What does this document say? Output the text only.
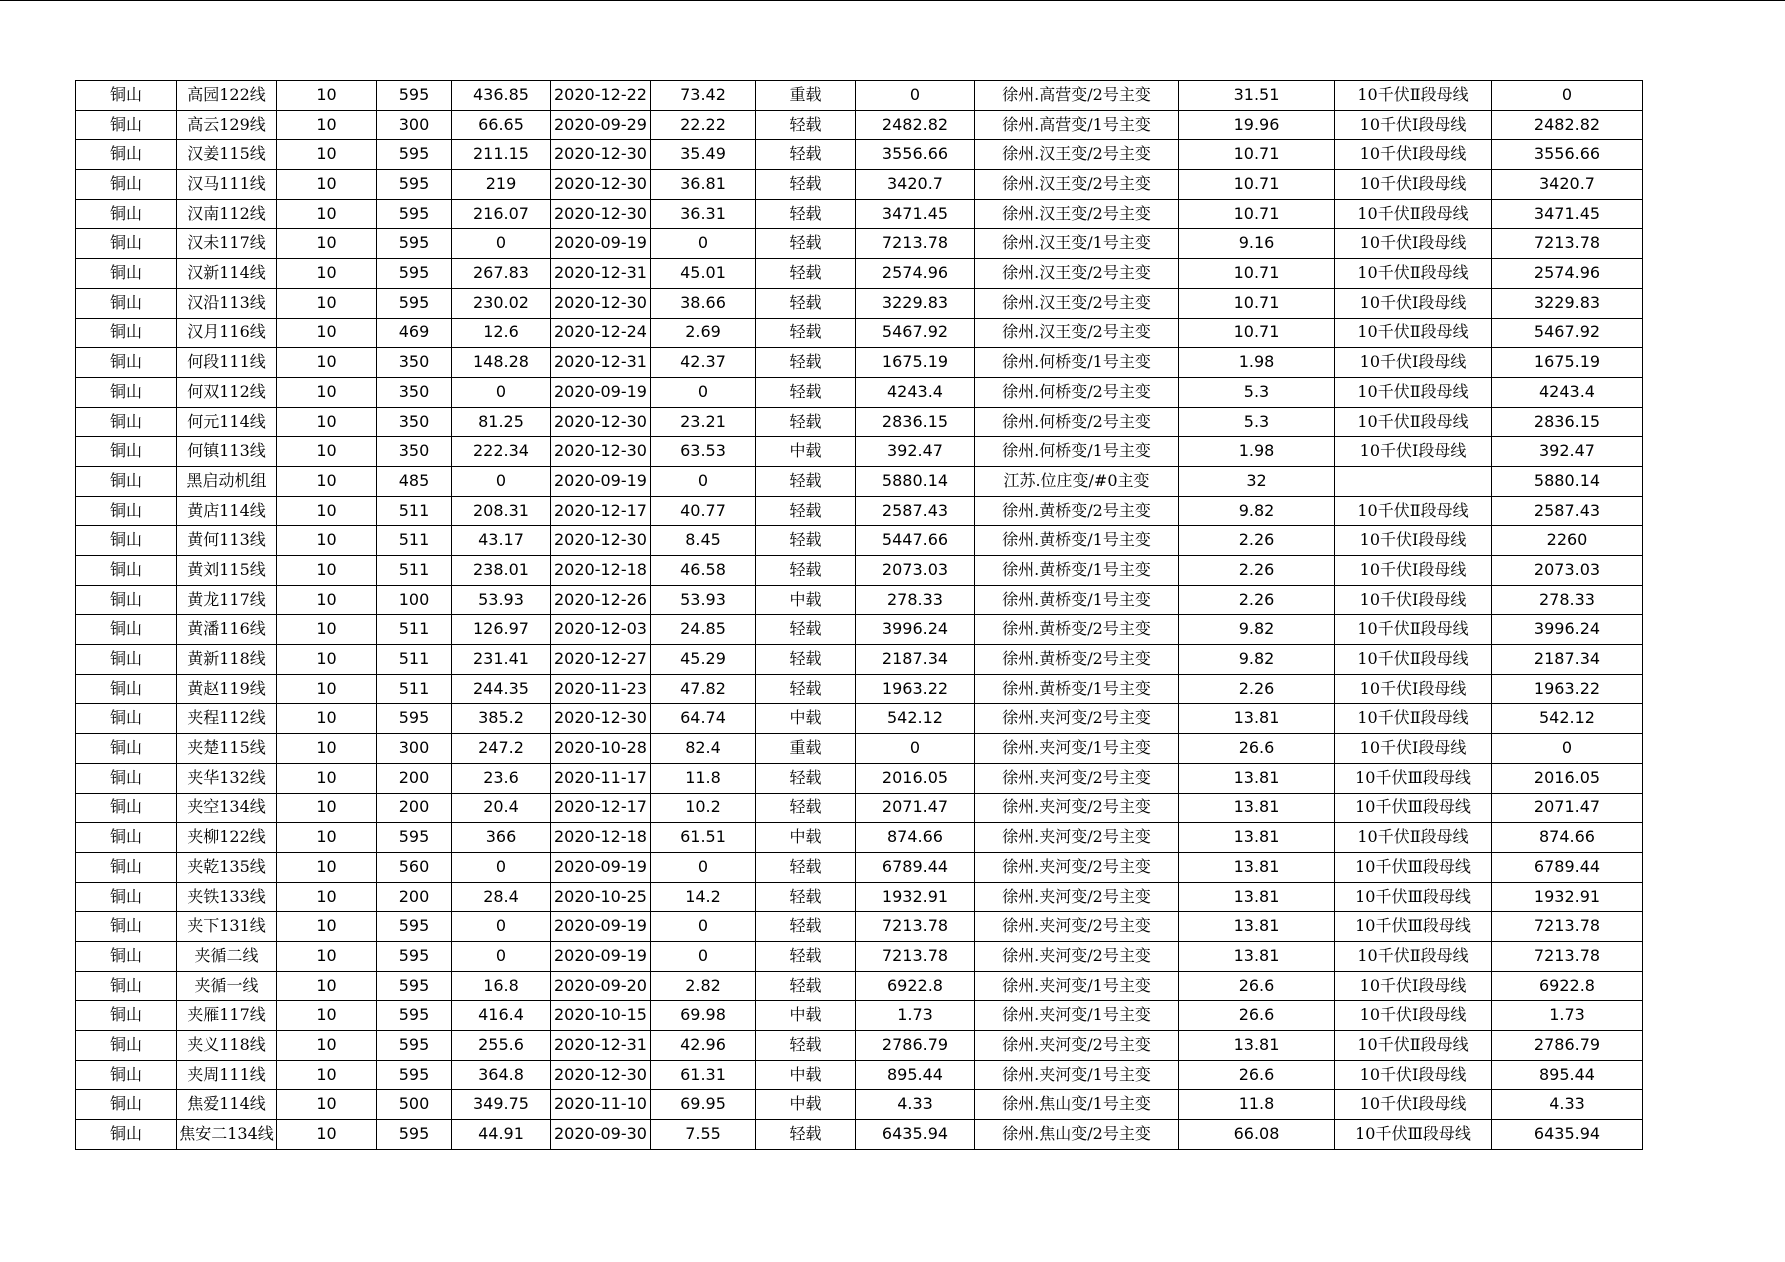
铜山	高园122线	10	595	436.85	2020-12-22	73.42	重载	0	徐州.高营变/2号主变	31.51	10千伏Ⅱ段母线	0
铜山	高云129线	10	300	66.65	2020-09-29	22.22	轻载	2482.82	徐州.高营变/1号主变	19.96	10千伏Ⅰ段母线	2482.82
铜山	汉姜115线	10	595	211.15	2020-12-30	35.49	轻载	3556.66	徐州.汉王变/2号主变	10.71	10千伏Ⅰ段母线	3556.66
铜山	汉马111线	10	595	219	2020-12-30	36.81	轻载	3420.7	徐州.汉王变/2号主变	10.71	10千伏Ⅰ段母线	3420.7
铜山	汉南112线	10	595	216.07	2020-12-30	36.31	轻载	3471.45	徐州.汉王变/2号主变	10.71	10千伏Ⅱ段母线	3471.45
铜山	汉未117线	10	595	0	2020-09-19	0	轻载	7213.78	徐州.汉王变/1号主变	9.16	10千伏Ⅰ段母线	7213.78
铜山	汉新114线	10	595	267.83	2020-12-31	45.01	轻载	2574.96	徐州.汉王变/2号主变	10.71	10千伏Ⅱ段母线	2574.96
铜山	汉沿113线	10	595	230.02	2020-12-30	38.66	轻载	3229.83	徐州.汉王变/2号主变	10.71	10千伏Ⅰ段母线	3229.83
铜山	汉月116线	10	469	12.6	2020-12-24	2.69	轻载	5467.92	徐州.汉王变/2号主变	10.71	10千伏Ⅱ段母线	5467.92
铜山	何段111线	10	350	148.28	2020-12-31	42.37	轻载	1675.19	徐州.何桥变/1号主变	1.98	10千伏Ⅰ段母线	1675.19
铜山	何双112线	10	350	0	2020-09-19	0	轻载	4243.4	徐州.何桥变/2号主变	5.3	10千伏Ⅱ段母线	4243.4
铜山	何元114线	10	350	81.25	2020-12-30	23.21	轻载	2836.15	徐州.何桥变/2号主变	5.3	10千伏Ⅱ段母线	2836.15
铜山	何镇113线	10	350	222.34	2020-12-30	63.53	中载	392.47	徐州.何桥变/1号主变	1.98	10千伏Ⅰ段母线	392.47
铜山	黑启动机组	10	485	0	2020-09-19	0	轻载	5880.14	江苏.位庄变/#0主变	32		5880.14
铜山	黄店114线	10	511	208.31	2020-12-17	40.77	轻载	2587.43	徐州.黄桥变/2号主变	9.82	10千伏Ⅱ段母线	2587.43
铜山	黄何113线	10	511	43.17	2020-12-30	8.45	轻载	5447.66	徐州.黄桥变/1号主变	2.26	10千伏Ⅰ段母线	2260
铜山	黄刘115线	10	511	238.01	2020-12-18	46.58	轻载	2073.03	徐州.黄桥变/1号主变	2.26	10千伏Ⅰ段母线	2073.03
铜山	黄龙117线	10	100	53.93	2020-12-26	53.93	中载	278.33	徐州.黄桥变/1号主变	2.26	10千伏Ⅰ段母线	278.33
铜山	黄潘116线	10	511	126.97	2020-12-03	24.85	轻载	3996.24	徐州.黄桥变/2号主变	9.82	10千伏Ⅱ段母线	3996.24
铜山	黄新118线	10	511	231.41	2020-12-27	45.29	轻载	2187.34	徐州.黄桥变/2号主变	9.82	10千伏Ⅱ段母线	2187.34
铜山	黄赵119线	10	511	244.35	2020-11-23	47.82	轻载	1963.22	徐州.黄桥变/1号主变	2.26	10千伏Ⅰ段母线	1963.22
铜山	夹程112线	10	595	385.2	2020-12-30	64.74	中载	542.12	徐州.夹河变/2号主变	13.81	10千伏Ⅱ段母线	542.12
铜山	夹楚115线	10	300	247.2	2020-10-28	82.4	重载	0	徐州.夹河变/1号主变	26.6	10千伏Ⅰ段母线	0
铜山	夹华132线	10	200	23.6	2020-11-17	11.8	轻载	2016.05	徐州.夹河变/2号主变	13.81	10千伏Ⅲ段母线	2016.05
铜山	夹空134线	10	200	20.4	2020-12-17	10.2	轻载	2071.47	徐州.夹河变/2号主变	13.81	10千伏Ⅲ段母线	2071.47
铜山	夹柳122线	10	595	366	2020-12-18	61.51	中载	874.66	徐州.夹河变/2号主变	13.81	10千伏Ⅱ段母线	874.66
铜山	夹乾135线	10	560	0	2020-09-19	0	轻载	6789.44	徐州.夹河变/2号主变	13.81	10千伏Ⅲ段母线	6789.44
铜山	夹铁133线	10	200	28.4	2020-10-25	14.2	轻载	1932.91	徐州.夹河变/2号主变	13.81	10千伏Ⅲ段母线	1932.91
铜山	夹下131线	10	595	0	2020-09-19	0	轻载	7213.78	徐州.夹河变/2号主变	13.81	10千伏Ⅲ段母线	7213.78
铜山	夹循二线	10	595	0	2020-09-19	0	轻载	7213.78	徐州.夹河变/2号主变	13.81	10千伏Ⅱ段母线	7213.78
铜山	夹循一线	10	595	16.8	2020-09-20	2.82	轻载	6922.8	徐州.夹河变/1号主变	26.6	10千伏Ⅰ段母线	6922.8
铜山	夹雁117线	10	595	416.4	2020-10-15	69.98	中载	1.73	徐州.夹河变/1号主变	26.6	10千伏Ⅰ段母线	1.73
铜山	夹义118线	10	595	255.6	2020-12-31	42.96	轻载	2786.79	徐州.夹河变/2号主变	13.81	10千伏Ⅱ段母线	2786.79
铜山	夹周111线	10	595	364.8	2020-12-30	61.31	中载	895.44	徐州.夹河变/1号主变	26.6	10千伏Ⅰ段母线	895.44
铜山	焦爱114线	10	500	349.75	2020-11-10	69.95	中载	4.33	徐州.焦山变/1号主变	11.8	10千伏Ⅰ段母线	4.33
铜山	焦安二134线	10	595	44.91	2020-09-30	7.55	轻载	6435.94	徐州.焦山变/2号主变	66.08	10千伏Ⅲ段母线	6435.94
